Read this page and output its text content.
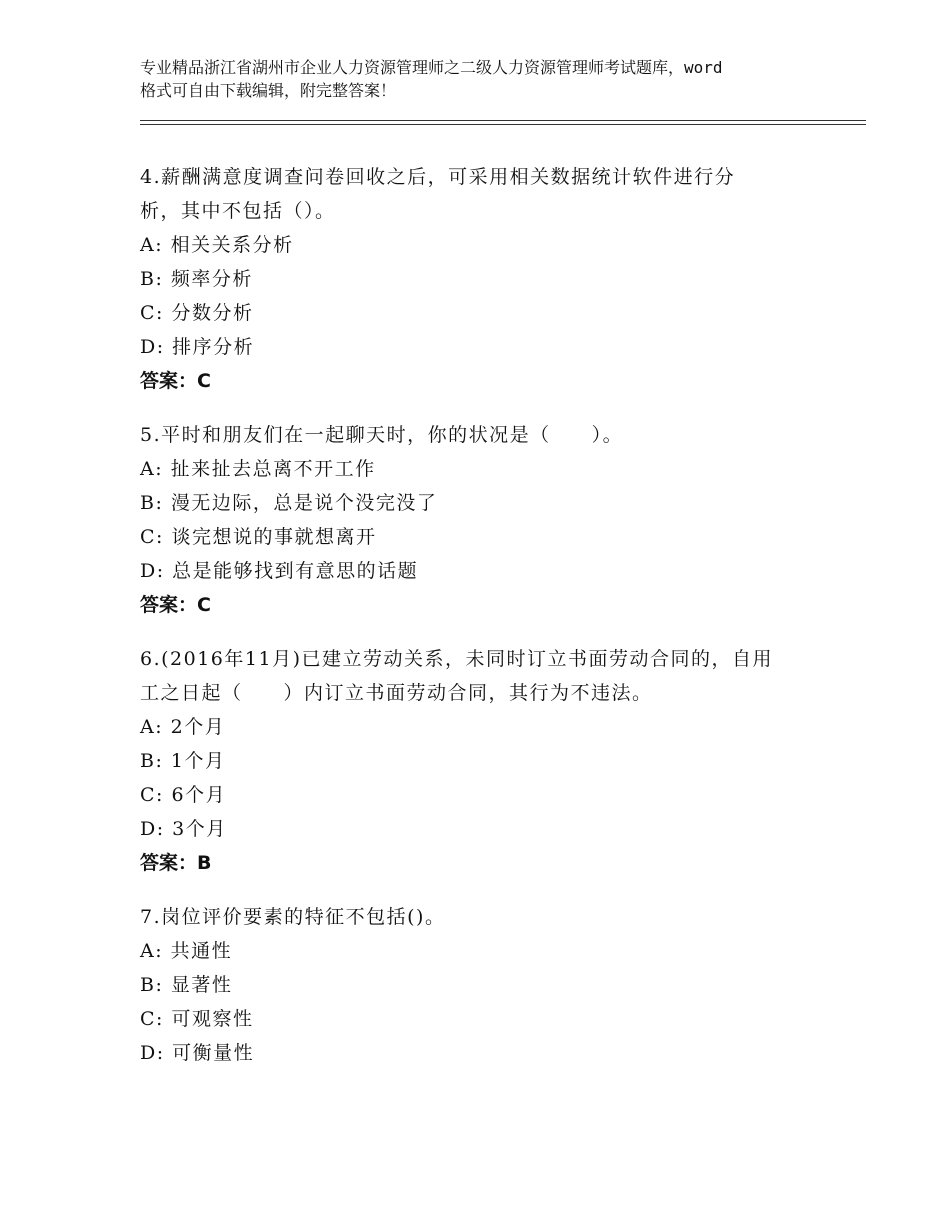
专业精品浙江省湖州市企业人力资源管理师之二级人力资源管理师考试题库，word
格式可自由下载编辑，附完整答案！
4.薪酬满意度调查问卷回收之后，可采用相关数据统计软件进行分
析，其中不包括（）。
A: 相关关系分析
B: 频率分析
C: 分数分析
D: 排序分析
答案：C
5.平时和朋友们在一起聊天时，你的状况是（　　）。
A: 扯来扯去总离不开工作
B: 漫无边际，总是说个没完没了
C: 谈完想说的事就想离开
D: 总是能够找到有意思的话题
答案：C
6.(2016年11月)已建立劳动关系，未同时订立书面劳动合同的，自用
工之日起（　　）内订立书面劳动合同，其行为不违法。
A: 2个月
B: 1个月
C: 6个月
D: 3个月
答案：B
7.岗位评价要素的特征不包括()。
A: 共通性
B: 显著性
C: 可观察性
D: 可衡量性
